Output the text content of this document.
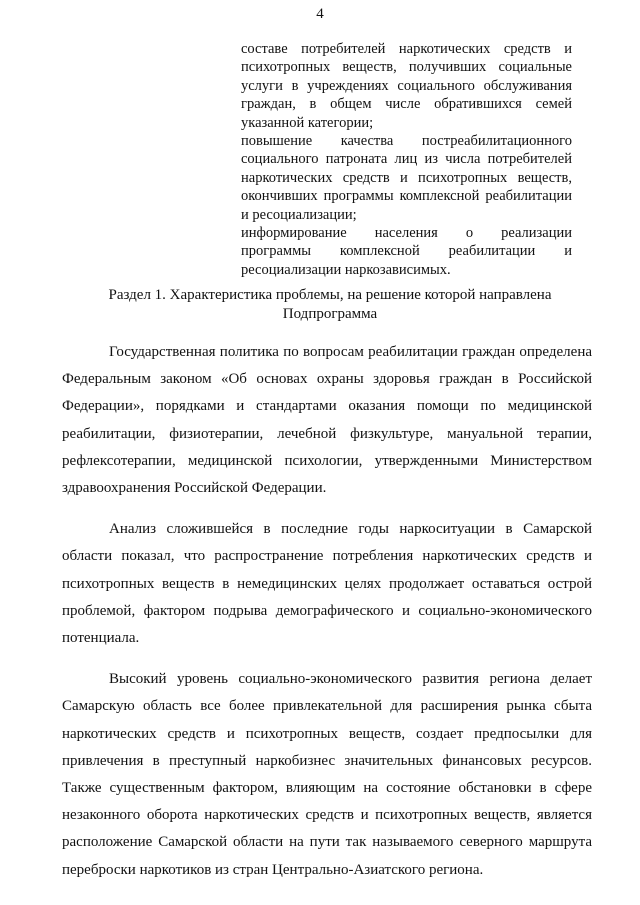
4

составе потребителей наркотических средств и психотропных веществ, получивших социальные услуги в учреждениях социального обслуживания граждан, в общем числе обратившихся семей указанной категории;

повышение качества постреабилитационного социального патроната лиц из числа потребителей наркотических средств и психотропных веществ, окончивших программы комплексной реабилитации и ресоциализации;

информирование населения о реализации программы комплексной реабилитации и ресоциализации наркозависимых.

Раздел 1. Характеристика проблемы, на решение которой направлена
Подпрограмма

Государственная политика по вопросам реабилитации граждан определена Федеральным законом «Об основах охраны здоровья граждан в Российской Федерации», порядками и стандартами оказания помощи по медицинской реабилитации, физиотерапии, лечебной физкультуре, мануальной терапии, рефлексотерапии, медицинской психологии, утвержденными Министерством здравоохранения Российской Федерации.

Анализ сложившейся в последние годы наркоситуации в Самарской области показал, что распространение потребления наркотических средств и психотропных веществ в немедицинских целях продолжает оставаться острой проблемой, фактором подрыва демографического и социально-экономического потенциала.

Высокий уровень социально-экономического развития региона делает Самарскую область все более привлекательной для расширения рынка сбыта наркотических средств и психотропных веществ, создает предпосылки для привлечения в преступный наркобизнес значительных финансовых ресурсов. Также существенным фактором, влияющим на состояние обстановки в сфере незаконного оборота наркотических средств и психотропных веществ, является расположение Самарской области на пути так называемого северного маршрута переброски наркотиков из стран Центрально-Азиатского региона.
